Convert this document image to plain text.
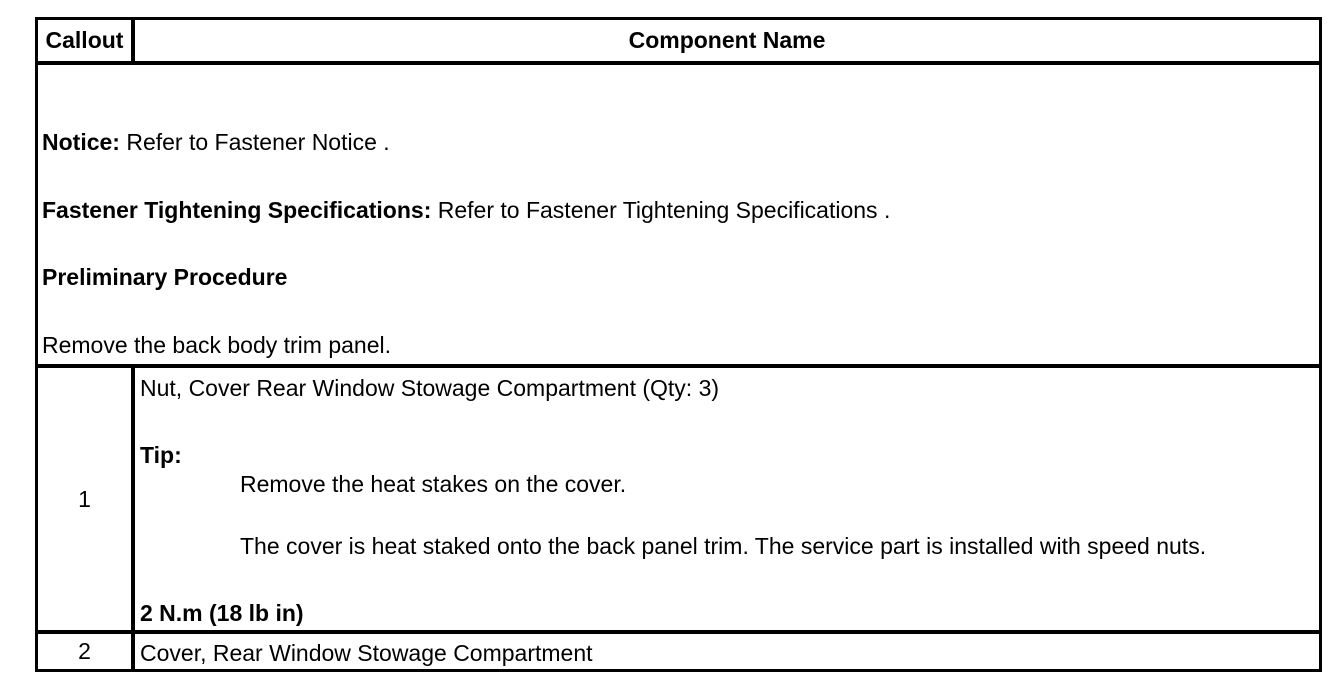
Callout	Component Name
Notice: Refer to Fastener Notice .
Fastener Tightening Specifications: Refer to Fastener Tightening Specifications .
Preliminary Procedure
Remove the back body trim panel.
1
Nut, Cover Rear Window Stowage Compartment (Qty: 3)
Tip:
Remove the heat stakes on the cover.
The cover is heat staked onto the back panel trim. The service part is installed with speed nuts.
2 N.m (18 lb in)
2 Cover, Rear Window Stowage Compartment
